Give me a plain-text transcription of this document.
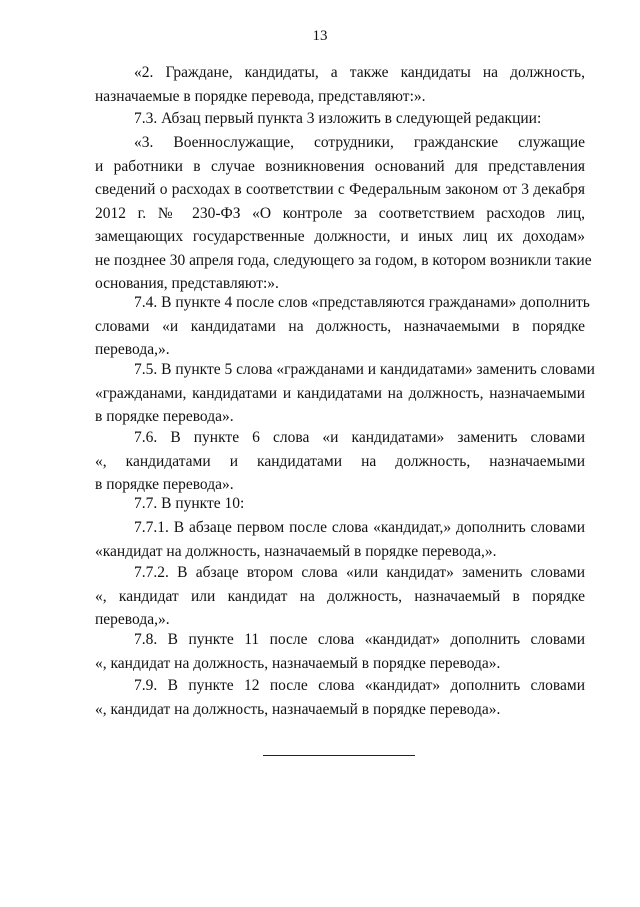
13
«2. Граждане, кандидаты, а также кандидаты на должность,
назначаемые в порядке перевода, представляют:».
7.3. Абзац первый пункта 3 изложить в следующей редакции:
«3. Военнослужащие, сотрудники, гражданские служащие
и работники в случае возникновения оснований для представления
сведений о расходах в соответствии с Федеральным законом от 3 декабря
2012 г. № 230-ФЗ «О контроле за соответствием расходов лиц,
замещающих государственные должности, и иных лиц их доходам»
не позднее 30 апреля года, следующего за годом, в котором возникли такие
основания, представляют:».
7.4. В пункте 4 после слов «представляются гражданами» дополнить
словами «и кандидатами на должность, назначаемыми в порядке
перевода,».
7.5. В пункте 5 слова «гражданами и кандидатами» заменить словами
«гражданами, кандидатами и кандидатами на должность, назначаемыми
в порядке перевода».
7.6. В пункте 6 слова «и кандидатами» заменить словами
«, кандидатами и кандидатами на должность, назначаемыми
в порядке перевода».
7.7. В пункте 10:
7.7.1. В абзаце первом после слова «кандидат,» дополнить словами
«кандидат на должность, назначаемый в порядке перевода,».
7.7.2. В абзаце втором слова «или кандидат» заменить словами
«, кандидат или кандидат на должность, назначаемый в порядке
перевода,».
7.8. В пункте 11 после слова «кандидат» дополнить словами
«, кандидат на должность, назначаемый в порядке перевода».
7.9. В пункте 12 после слова «кандидат» дополнить словами
«, кандидат на должность, назначаемый в порядке перевода».
